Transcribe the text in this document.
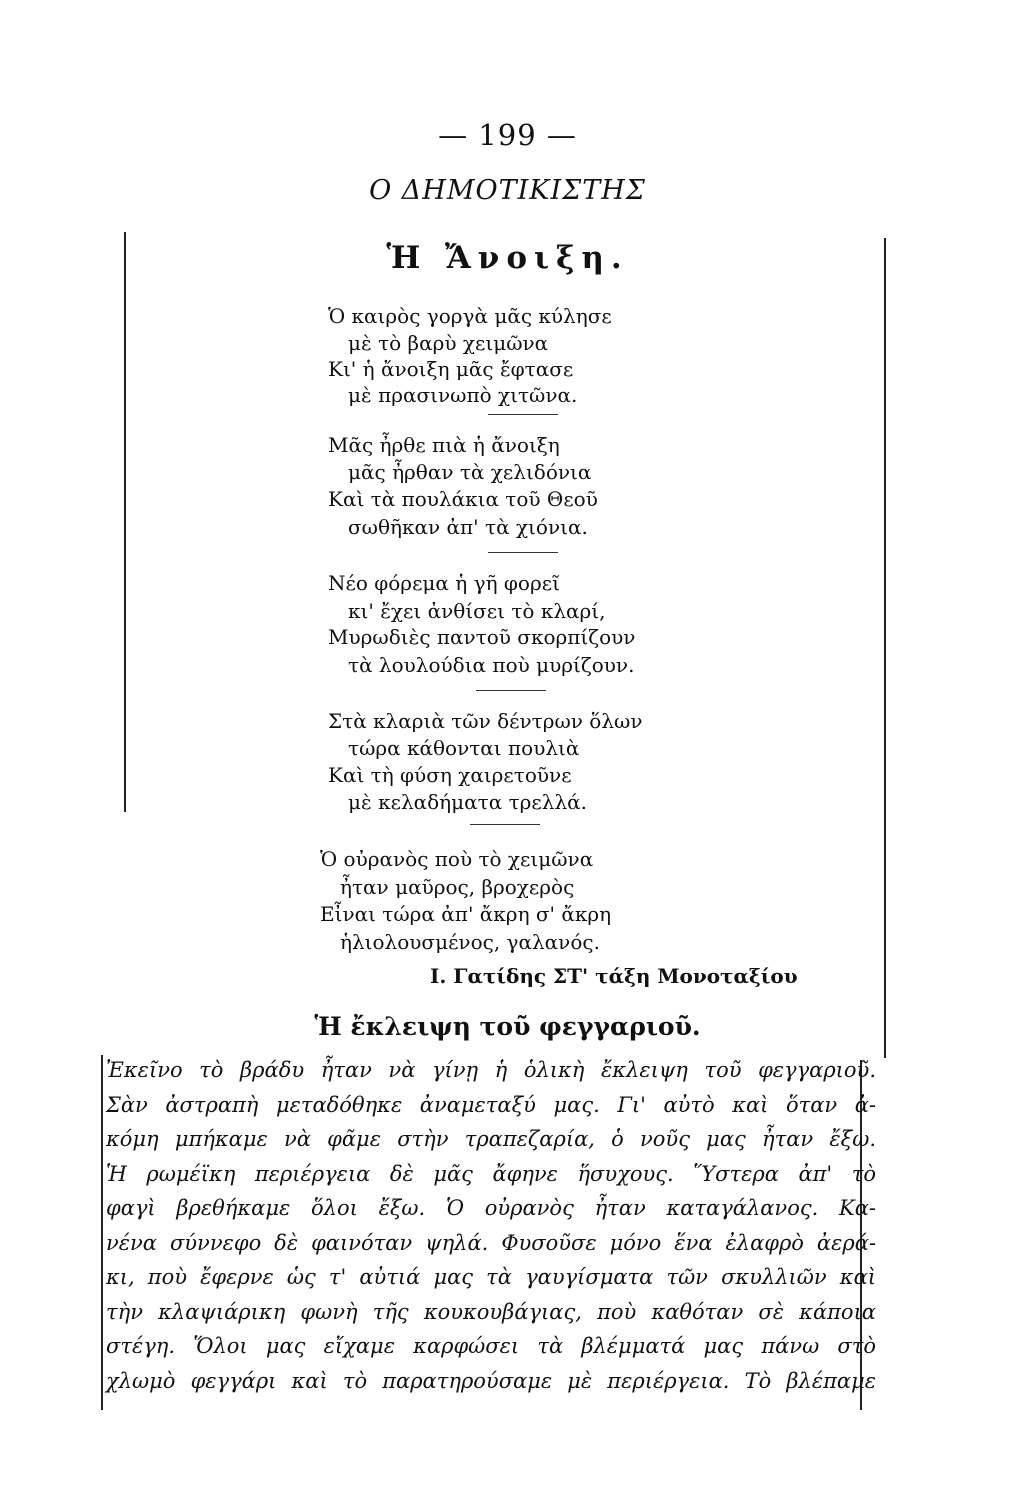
— 199 —
Ο ΔΗΜΟΤΙΚΙΣΤΗΣ
Ἡ Ἄνοιξη.
Ὁ καιρὸς γοργὰ μᾶς κύλησε
μὲ τὸ βαρὺ χειμῶνα
Κι' ἡ ἄνοιξη μᾶς ἔφτασε
μὲ πρασινωπὸ χιτῶνα.
Μᾶς ἦρθε πιὰ ἡ ἄνοιξη
μᾶς ἦρθαν τὰ χελιδόνια
Καὶ τὰ πουλάκια τοῦ Θεοῦ
σωθῆκαν ἀπ' τὰ χιόνια.
Νέο φόρεμα ἡ γῆ φορεῖ
κι' ἔχει ἀνθίσει τὸ κλαρί,
Μυρωδιὲς παντοῦ σκορπίζουν
τὰ λουλούδια ποὺ μυρίζουν.
Στὰ κλαριὰ τῶν δέντρων ὅλων
τώρα κάθονται πουλιὰ
Καὶ τὴ φύση χαιρετοῦνε
μὲ κελαδήματα τρελλά.
Ὁ οὐρανὸς ποὺ τὸ χειμῶνα
ἦταν μαῦρος, βροχερὸς
Εἶναι τώρα ἀπ' ἄκρη σ' ἄκρη
ἡλιολουσμένος, γαλανός.
Ι. Γατίδης ΣΤ' τάξη Μονοταξίου
Ἡ ἔκλειψη τοῦ φεγγαριοῦ.
Ἐκεῖνο τὸ βράδυ ἦταν νὰ γίνῃ ἡ ὁλικὴ ἔκλειψη τοῦ φεγγαριοῦ.
Σὰν ἀστραπὴ μεταδόθηκε ἀναμεταξύ μας. Γι' αὐτὸ καὶ ὅταν ἀ-
κόμη μπήκαμε νὰ φᾶμε στὴν τραπεζαρία, ὁ νοῦς μας ἦταν ἔξω.
Ἡ ρωμέϊκη περιέργεια δὲ μᾶς ἄφηνε ἥσυχους. Ὕστερα ἀπ' τὸ
φαγὶ βρεθήκαμε ὅλοι ἔξω. Ὁ οὐρανὸς ἦταν καταγάλανος. Κα-
νένα σύννεφο δὲ φαινόταν ψηλά. Φυσοῦσε μόνο ἕνα ἐλαφρὸ ἀερά-
κι, ποὺ ἔφερνε ὡς τ' αὐτιά μας τὰ γαυγίσματα τῶν σκυλλιῶν καὶ
τὴν κλαψιάρικη φωνὴ τῆς κουκουβάγιας, ποὺ καθόταν σὲ κάποια
στέγη. Ὅλοι μας εἴχαμε καρφώσει τὰ βλέμματά μας πάνω στὸ
χλωμὸ φεγγάρι καὶ τὸ παρατηρούσαμε μὲ περιέργεια. Τὸ βλέπαμε
